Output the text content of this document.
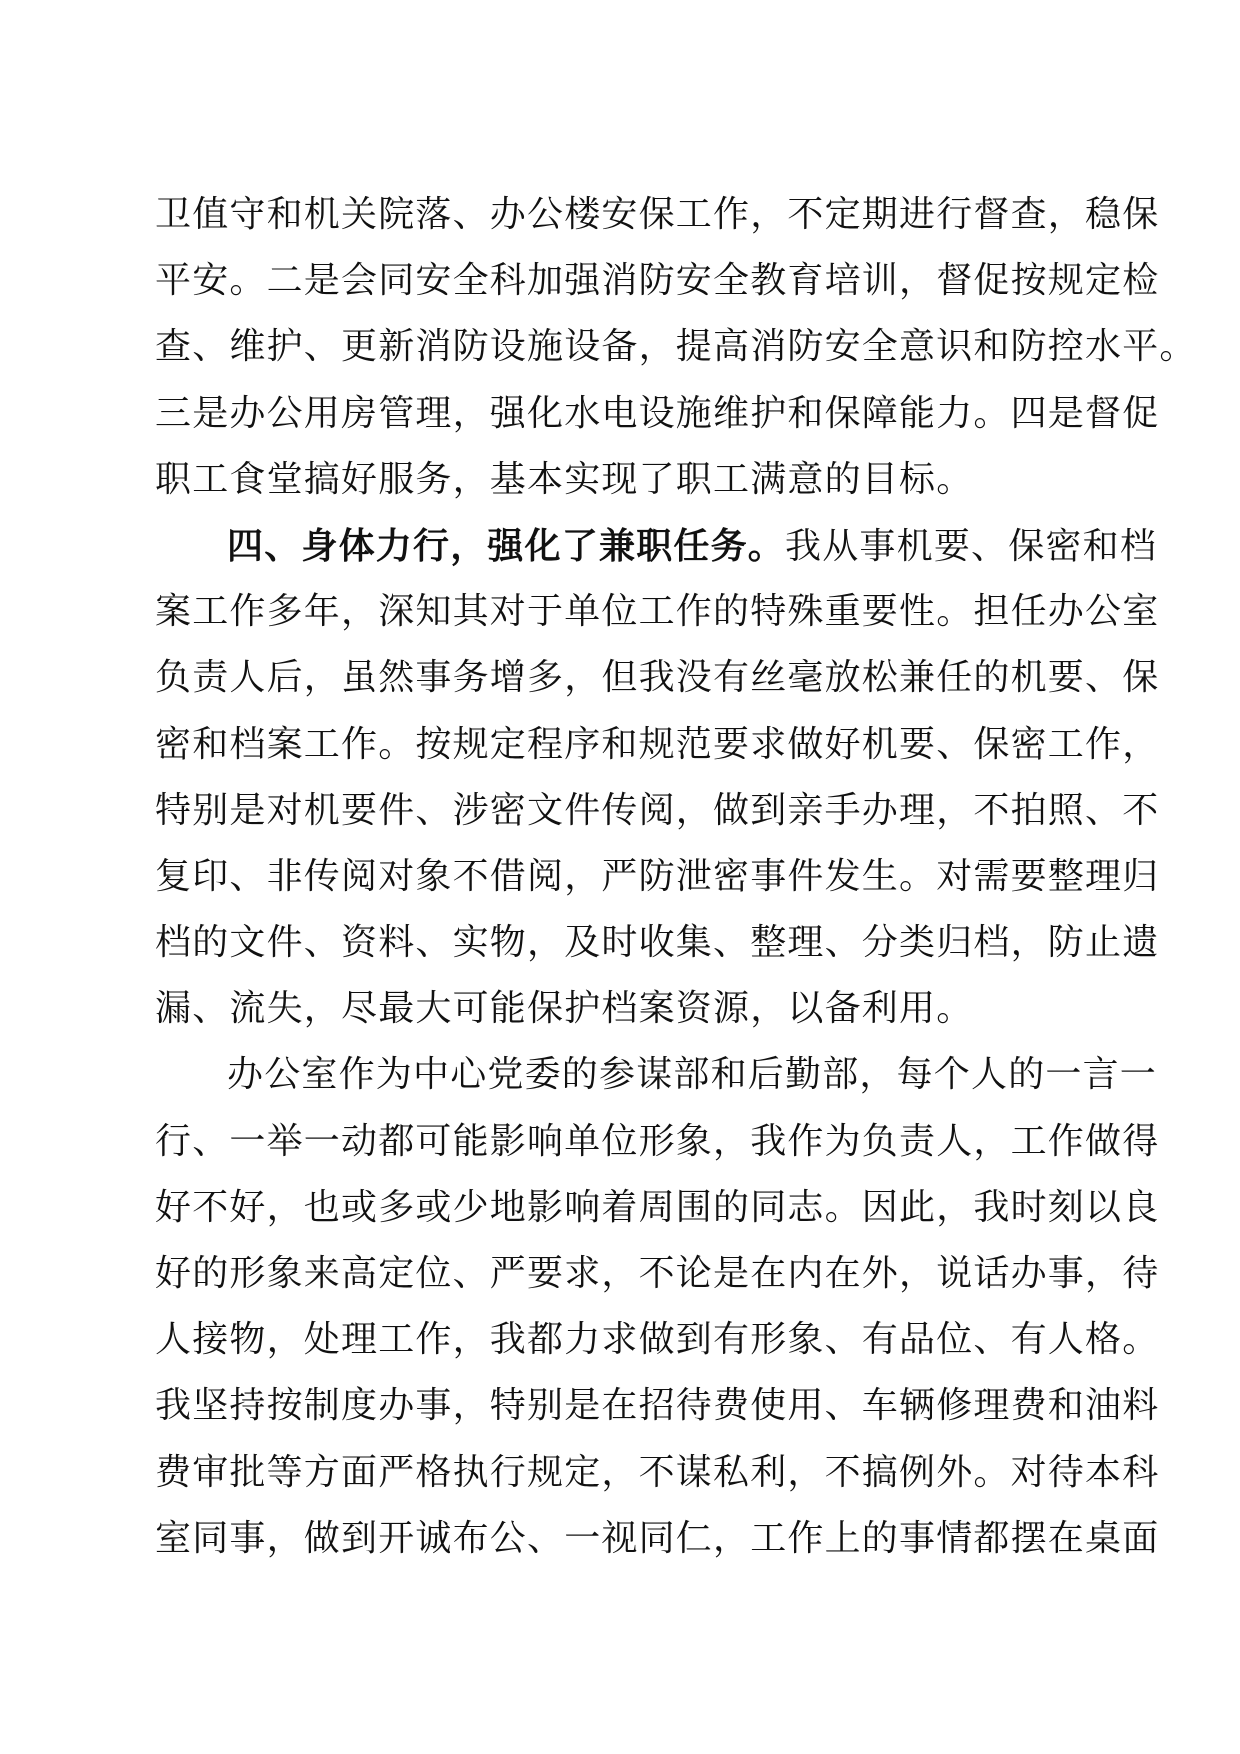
卫值守和机关院落、办公楼安保工作，不定期进行督查，稳保
平安。二是会同安全科加强消防安全教育培训，督促按规定检
查、维护、更新消防设施设备，提高消防安全意识和防控水平。
三是办公用房管理，强化水电设施维护和保障能力。四是督促
职工食堂搞好服务，基本实现了职工满意的目标。
四、身体力行，强化了兼职任务。我从事机要、保密和档
案工作多年，深知其对于单位工作的特殊重要性。担任办公室
负责人后，虽然事务增多，但我没有丝毫放松兼任的机要、保
密和档案工作。按规定程序和规范要求做好机要、保密工作，
特别是对机要件、涉密文件传阅，做到亲手办理，不拍照、不
复印、非传阅对象不借阅，严防泄密事件发生。对需要整理归
档的文件、资料、实物，及时收集、整理、分类归档，防止遗
漏、流失，尽最大可能保护档案资源，以备利用。
办公室作为中心党委的参谋部和后勤部，每个人的一言一
行、一举一动都可能影响单位形象，我作为负责人，工作做得
好不好，也或多或少地影响着周围的同志。因此，我时刻以良
好的形象来高定位、严要求，不论是在内在外，说话办事，待
人接物，处理工作，我都力求做到有形象、有品位、有人格。
我坚持按制度办事，特别是在招待费使用、车辆修理费和油料
费审批等方面严格执行规定，不谋私利，不搞例外。对待本科
室同事，做到开诚布公、一视同仁，工作上的事情都摆在桌面
